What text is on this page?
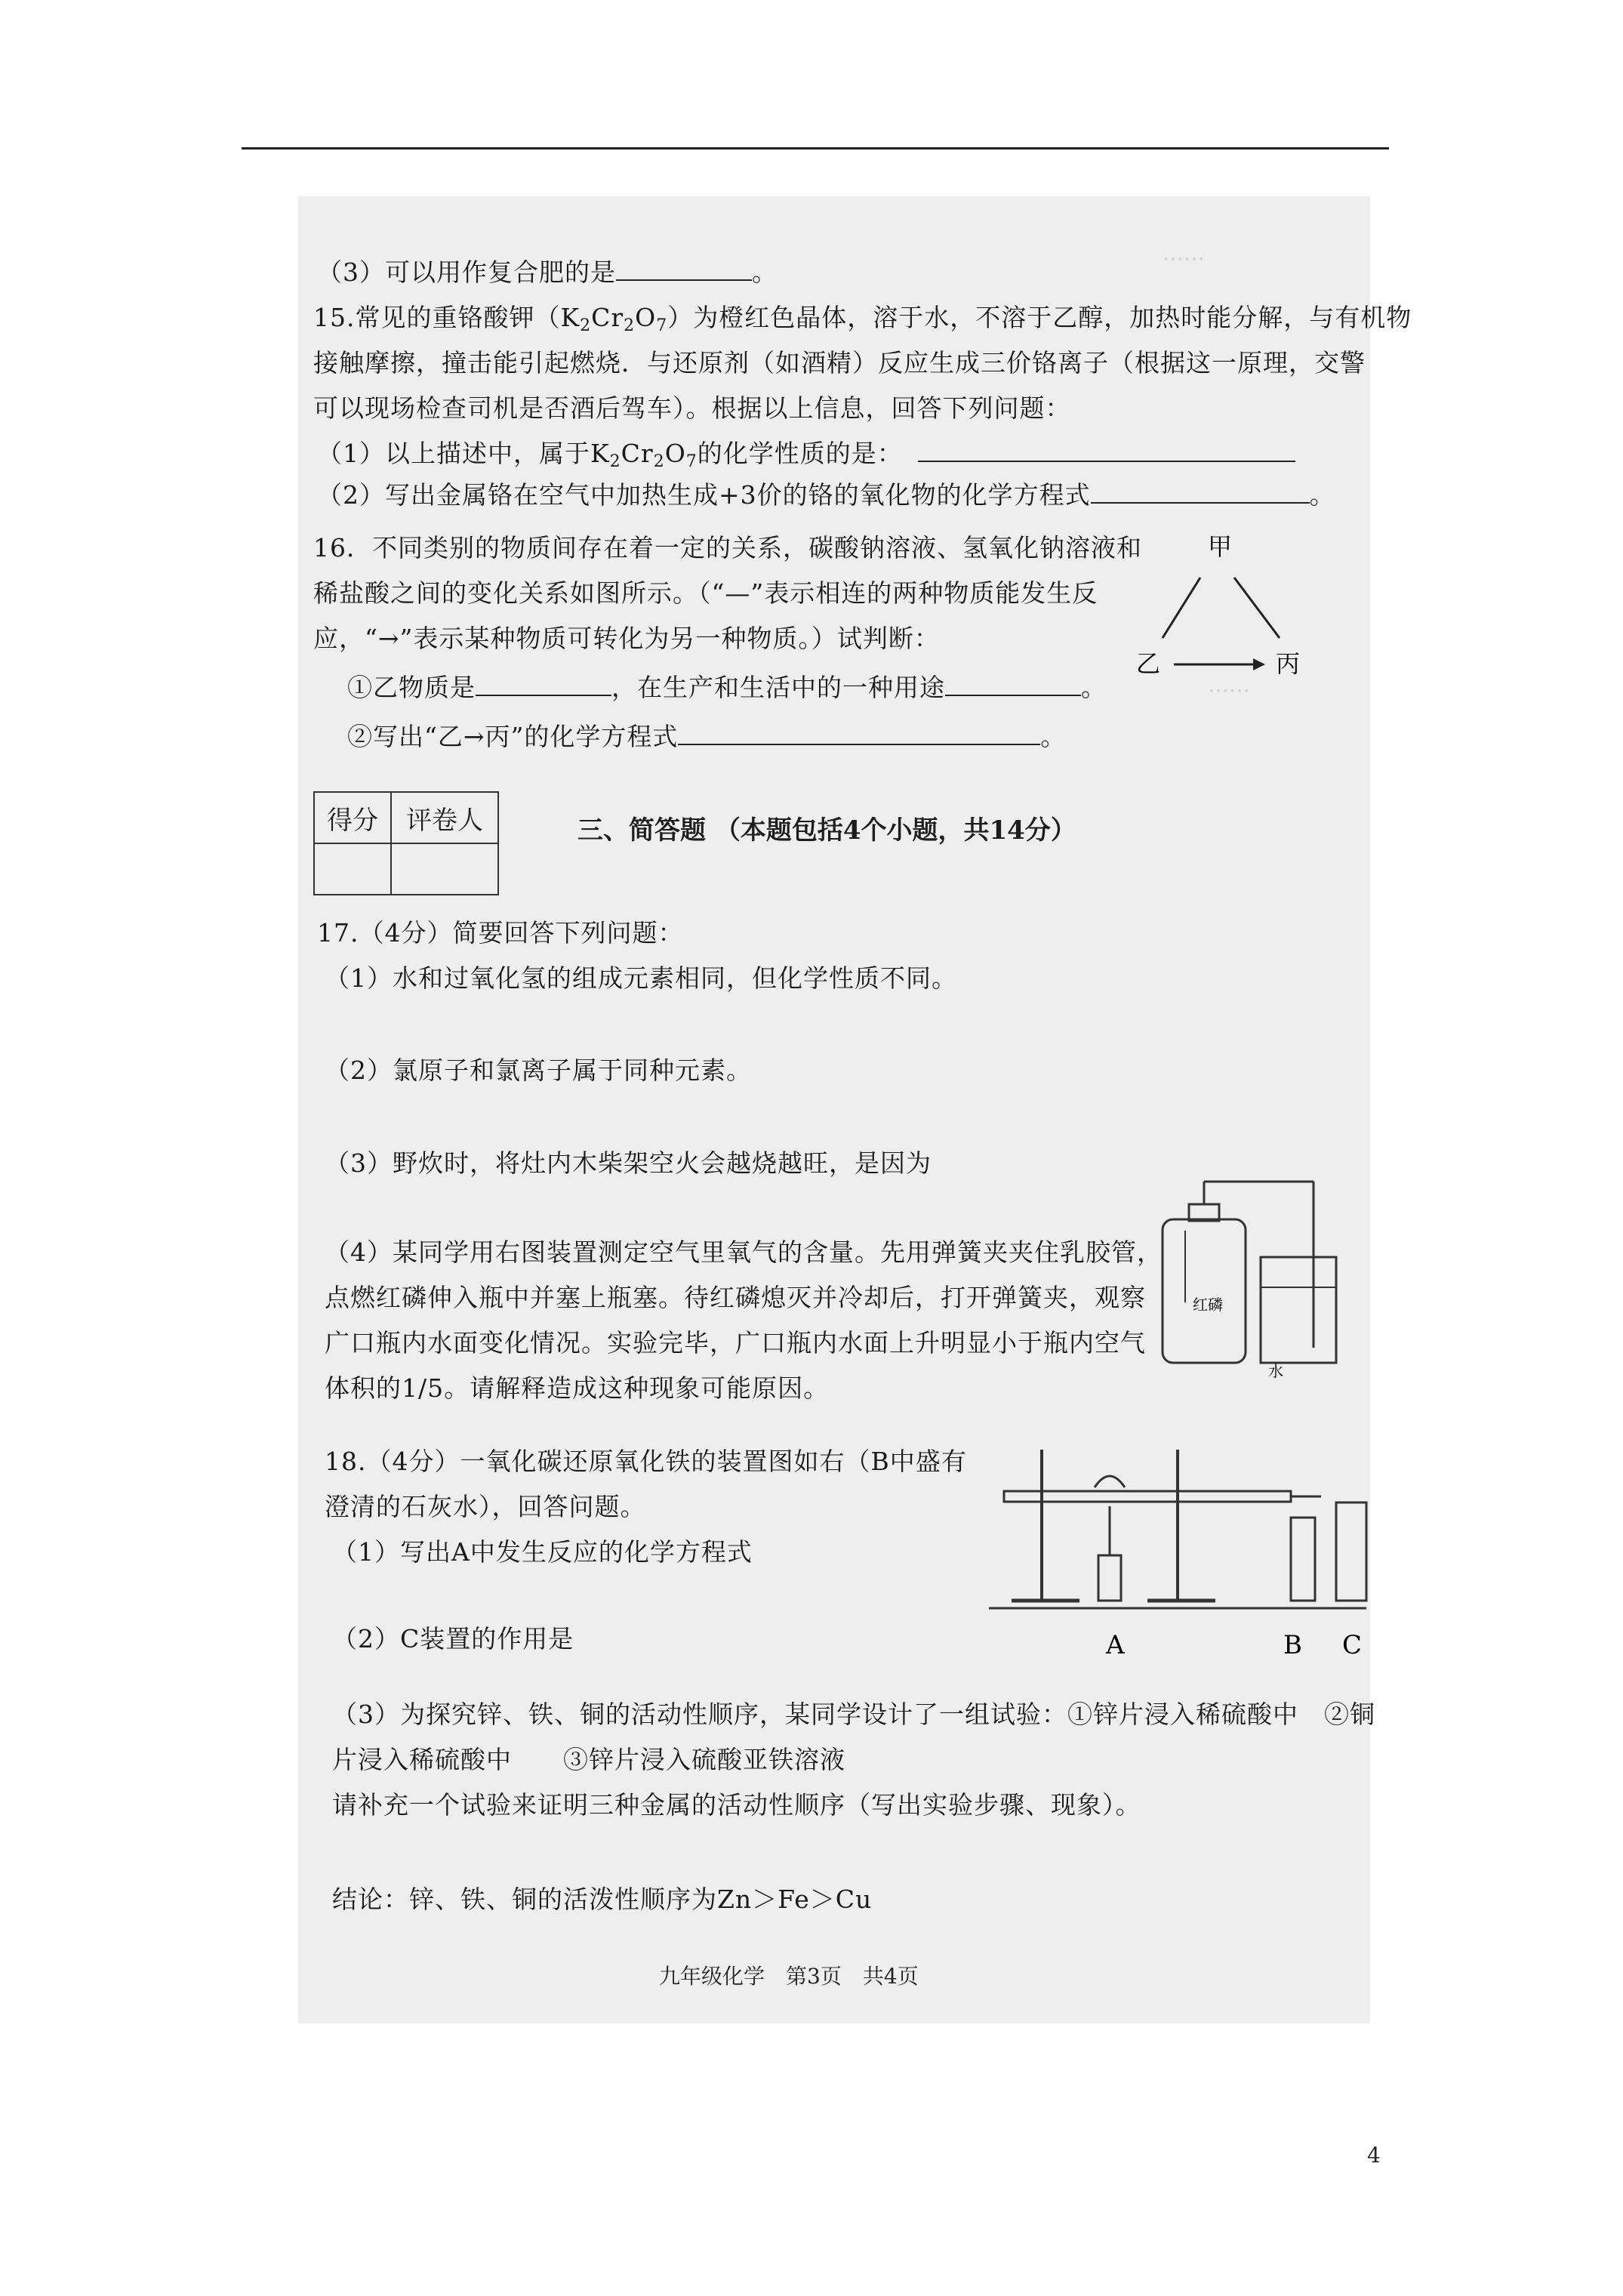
……
……
（3）可以用作复合肥的是	。
15.常见的重铬酸钾$(K_2Cr_2O_7)$为橙红色晶体，溶于水，不溶于乙醇，加热时能分解，与有机物
接触摩擦，撞击能引起燃烧．与还原剂（如酒精）反应生成三价铬离子（根据这一原理，交警
可以现场检查司机是否酒后驾车）。根据以上信息，回答下列问题：
（1）以上描述中，属于$K_2Cr_2O_7$的化学性质的是：
（2）写出金属铬在空气中加热生成+3价的铬的氧化物的化学方程式	。
16．不同类别的物质间存在着一定的关系，碳酸钠溶液、氢氧化钠溶液和
稀盐酸之间的变化关系如图所示。（“—”表示相连的两种物质能发生反
应，“→”表示某种物质可转化为另一种物质。）试判断：
①乙物质是	，在生产和生活中的一种用途	。
②写出“乙→丙”的化学方程式	。
甲
乙	丙
得分	评卷人
		三、简答题 （本题包括4个小题，共14分）
17.（4分）简要回答下列问题：
（1）水和过氧化氢的组成元素相同，但化学性质不同。
（2）氯原子和氯离子属于同种元素。
（3）野炊时，将灶内木柴架空火会越烧越旺，是因为
（4）某同学用右图装置测定空气里氧气的含量。先用弹簧夹夹住乳胶管，
点燃红磷伸入瓶中并塞上瓶塞。待红磷熄灭并冷却后，打开弹簧夹，观察
广口瓶内水面变化情况。实验完毕，广口瓶内水面上升明显小于瓶内空气
体积的1/5。请解释造成这种现象可能原因。
红磷
水
18.（4分）一氧化碳还原氧化铁的装置图如右（B中盛有
澄清的石灰水），回答问题。
（1）写出A中发生反应的化学方程式
（2）C装置的作用是
（3）为探究锌、铁、铜的活动性顺序，某同学设计了一组试验：①锌片浸入稀硫酸中　②铜
片浸入稀硫酸中　　③锌片浸入硫酸亚铁溶液
请补充一个试验来证明三种金属的活动性顺序（写出实验步骤、现象）。
结论：锌、铁、铜的活泼性顺序为Zn＞Fe＞Cu
A	B C
九年级化学　第3页　共4页
4
